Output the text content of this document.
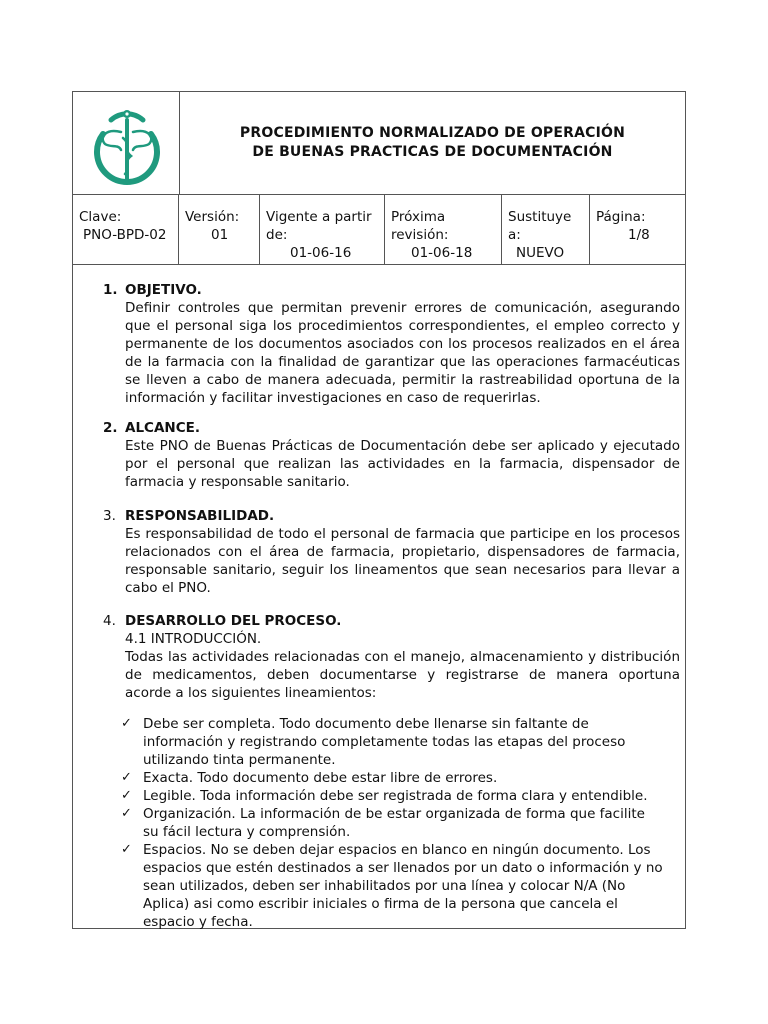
PROCEDIMIENTO NORMALIZADO DE OPERACIÓN
DE BUENAS PRACTICAS DE DOCUMENTACIÓN
Clave:
PNO-BPD-02
Versión:
01
Vigente a partir
de:
01-06-16
Próxima
revisión:
01-06-18
Sustituye
a:
NUEVO
Página:
1/8
1. OBJETIVO.
Definir controles que permitan prevenir errores de comunicación, asegurando que el personal siga los procedimientos correspondientes, el empleo correcto y permanente de los documentos asociados con los procesos realizados en el área de la farmacia con la finalidad de garantizar que las operaciones farmacéuticas se lleven a cabo de manera adecuada, permitir la rastreabilidad oportuna de la información y facilitar investigaciones en caso de requerirlas.
2. ALCANCE.
Este PNO de Buenas Prácticas de Documentación debe ser aplicado y ejecutado por el personal que realizan las actividades en la farmacia, dispensador de farmacia y responsable sanitario.
3. RESPONSABILIDAD.
Es responsabilidad de todo el personal de farmacia que participe en los procesos relacionados con el área de farmacia, propietario, dispensadores de farmacia, responsable sanitario, seguir los lineamentos que sean necesarios para llevar a cabo el PNO.
4. DESARROLLO DEL PROCESO.
4.1 INTRODUCCIÓN.
Todas las actividades relacionadas con el manejo, almacenamiento y distribución de medicamentos, deben documentarse y registrarse de manera oportuna acorde a los siguientes lineamientos:
✓ Debe ser completa. Todo documento debe llenarse sin faltante de información y registrando completamente todas las etapas del proceso utilizando tinta permanente.
✓ Exacta. Todo documento debe estar libre de errores.
✓ Legible. Toda información debe ser registrada de forma clara y entendible.
✓ Organización. La información de be estar organizada de forma que facilite su fácil lectura y comprensión.
✓ Espacios. No se deben dejar espacios en blanco en ningún documento. Los espacios que estén destinados a ser llenados por un dato o información y no sean utilizados, deben ser inhabilitados por una línea y colocar N/A (No Aplica) asi como escribir iniciales o firma de la persona que cancela el espacio y fecha.
